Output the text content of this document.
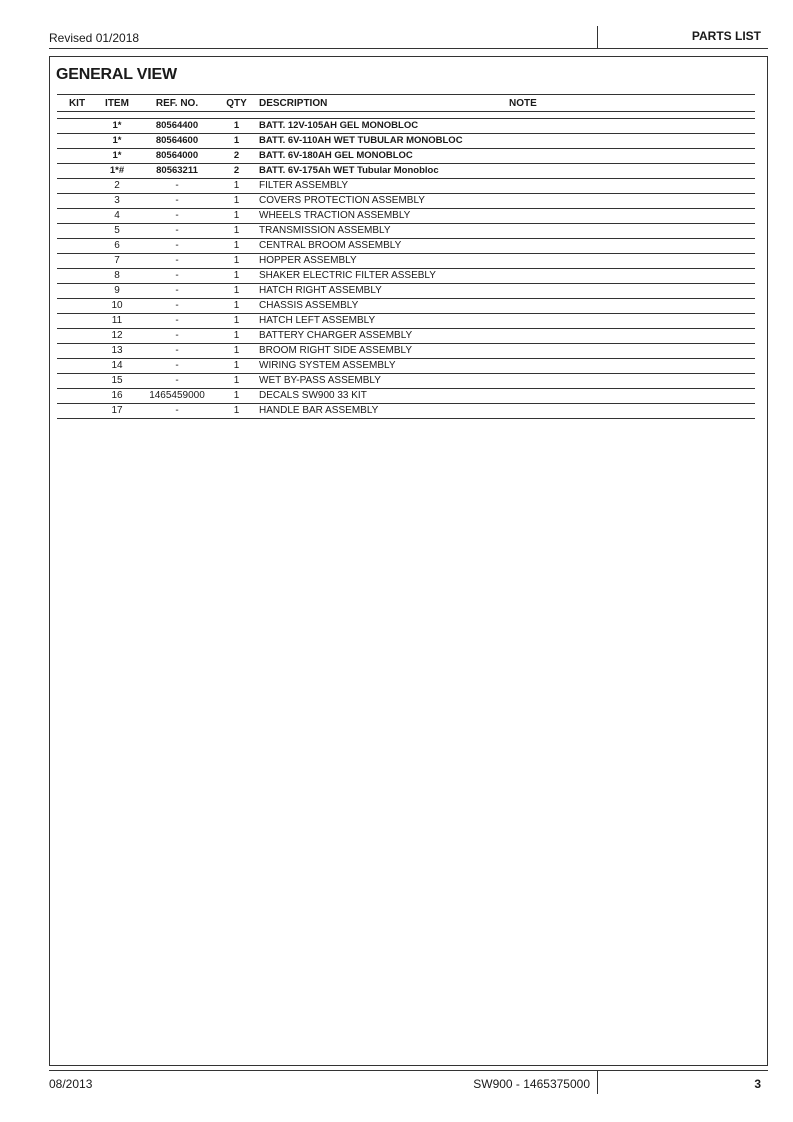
Revised 01/2018	PARTS LIST
GENERAL VIEW
KIT	ITEM	REF. NO.	QTY	DESCRIPTION	NOTE

	1*	80564400	1	BATT. 12V-105AH GEL MONOBLOC	
	1*	80564600	1	BATT. 6V-110AH WET TUBULAR MONOBLOC	
	1*	80564000	2	BATT. 6V-180AH GEL MONOBLOC	
	1*#	80563211	2	BATT. 6V-175Ah WET Tubular Monobloc	
	2	-	1	FILTER ASSEMBLY	
	3	-	1	COVERS PROTECTION ASSEMBLY	
	4	-	1	WHEELS TRACTION ASSEMBLY	
	5	-	1	TRANSMISSION ASSEMBLY	
	6	-	1	CENTRAL BROOM ASSEMBLY	
	7	-	1	HOPPER ASSEMBLY	
	8	-	1	SHAKER ELECTRIC FILTER ASSEBLY	
	9	-	1	HATCH RIGHT ASSEMBLY	
	10	-	1	CHASSIS ASSEMBLY	
	11	-	1	HATCH LEFT ASSEMBLY	
	12	-	1	BATTERY CHARGER ASSEMBLY	
	13	-	1	BROOM RIGHT SIDE ASSEMBLY	
	14	-	1	WIRING SYSTEM ASSEMBLY	
	15	-	1	WET BY-PASS ASSEMBLY	
	16	1465459000	1	DECALS SW900 33 KIT	
	17	-	1	HANDLE BAR ASSEMBLY	
08/2013	SW900 - 1465375000	3
